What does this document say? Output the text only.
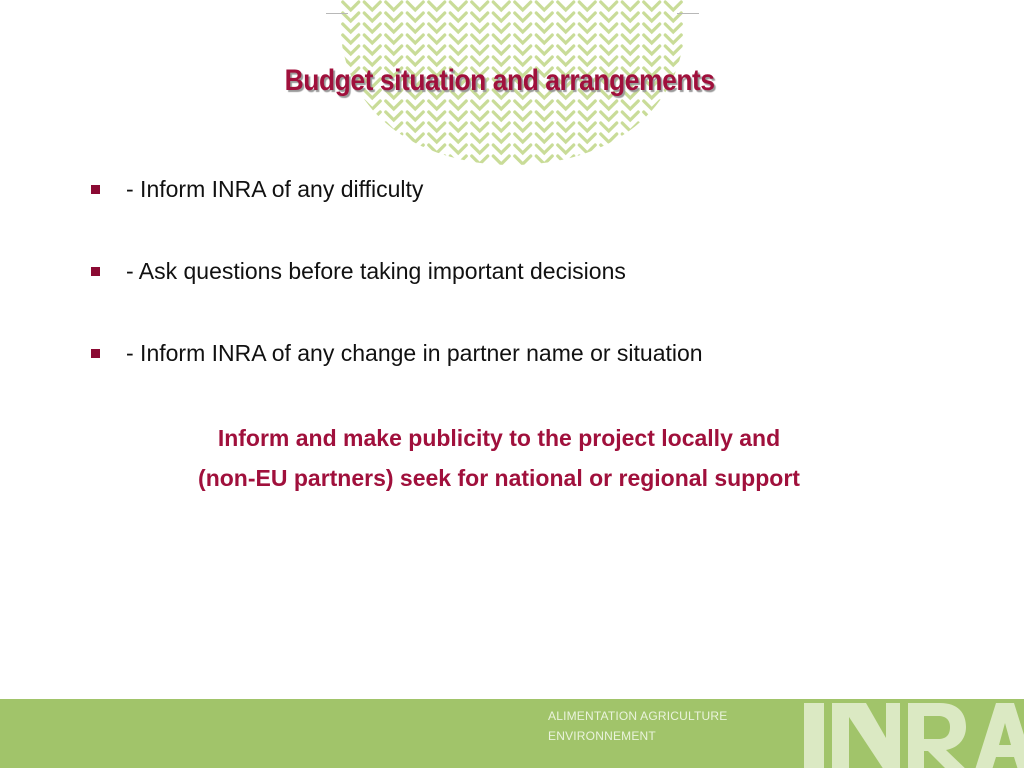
Budget situation and arrangements
- Inform INRA of any difficulty
- Ask questions before taking important decisions
- Inform INRA of any change in partner name or situation
Inform and make publicity to the project locally and
(non-EU partners) seek for national or regional support
ALIMENTATION AGRICULTURE
ENVIRONNEMENT
